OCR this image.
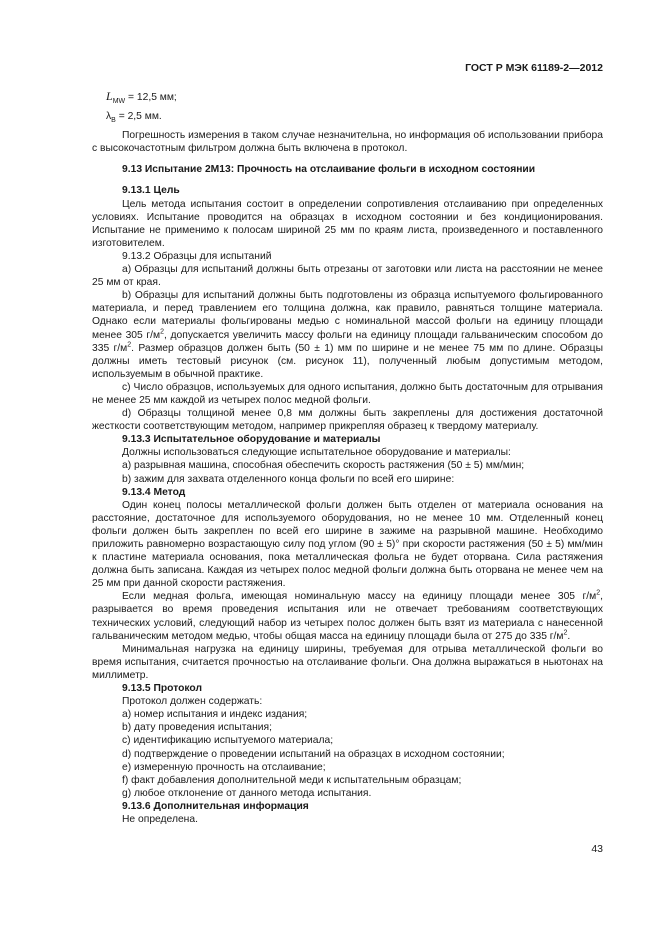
ГОСТ Р МЭК 61189-2—2012

$L_{MW} = 12,5$ мм;

$\lambda_B = 2,5$ мм.

Погрешность измерения в таком случае незначительна, но информация об использовании прибора с высокочастотным фильтром должна быть включена в протокол.

9.13 Испытание 2М13: Прочность на отслаивание фольги в исходном состоянии

9.13.1 Цель

Цель метода испытания состоит в определении сопротивления отслаиванию при определенных условиях. Испытание проводится на образцах в исходном состоянии и без кондиционирования. Испытание не применимо к полосам шириной 25 мм по краям листа, произведенного и поставленного изготовителем.

9.13.2 Образцы для испытаний

а) Образцы для испытаний должны быть отрезаны от заготовки или листа на расстоянии не менее 25 мм от края.

b) Образцы для испытаний должны быть подготовлены из образца испытуемого фольгированного материала, и перед травлением его толщина должна, как правило, равняться толщине материала. Однако если материалы фольгированы медью с номинальной массой фольги на единицу площади менее 305 $г/м^2$, допускается увеличить массу фольги на единицу площади гальваническим способом до 335 $г/м^2$. Размер образцов должен быть (50 ± 1) мм по ширине и не менее 75 мм по длине. Образцы должны иметь тестовый рисунок (см. рисунок 11), полученный любым допустимым методом, используемым в обычной практике.

с) Число образцов, используемых для одного испытания, должно быть достаточным для отрывания не менее 25 мм каждой из четырех полос медной фольги.

d) Образцы толщиной менее 0,8 мм должны быть закреплены для достижения достаточной жесткости соответствующим методом, например прикрепляя образец к твердому материалу.

9.13.3 Испытательное оборудование и материалы

Должны использоваться следующие испытательное оборудование и материалы:

а) разрывная машина, способная обеспечить скорость растяжения (50 ± 5) мм/мин;

b) зажим для захвата отделенного конца фольги по всей его ширине:

9.13.4 Метод

Один конец полосы металлической фольги должен быть отделен от материала основания на расстояние, достаточное для используемого оборудования, но не менее 10 мм. Отделенный конец фольги должен быть закреплен по всей его ширине в зажиме на разрывной машине. Необходимо приложить равномерно возрастающую силу под углом (90 ± 5)° при скорости растяжения (50 ± 5) мм/мин к пластине материала основания, пока металлическая фольга не будет оторвана. Сила растяжения должна быть записана. Каждая из четырех полос медной фольги должна быть оторвана не менее чем на 25 мм при данной скорости растяжения.

Если медная фольга, имеющая номинальную массу на единицу площади менее 305 $г/м^2$, разрывается во время проведения испытания или не отвечает требованиям соответствующих технических условий, следующий набор из четырех полос должен быть взят из материала с нанесенной гальваническим методом медью, чтобы общая масса на единицу площади была от 275 до 335 $г/м^2$.

Минимальная нагрузка на единицу ширины, требуемая для отрыва металлической фольги во время испытания, считается прочностью на отслаивание фольги. Она должна выражаться в ньютонах на миллиметр.

9.13.5 Протокол

Протокол должен содержать:

а) номер испытания и индекс издания;

b) дату проведения испытания;

с) идентификацию испытуемого материала;

d) подтверждение о проведении испытаний на образцах в исходном состоянии;

е) измеренную прочность на отслаивание;

f) факт добавления дополнительной меди к испытательным образцам;

g) любое отклонение от данного метода испытания.

9.13.6 Дополнительная информация

Не определена.

43
